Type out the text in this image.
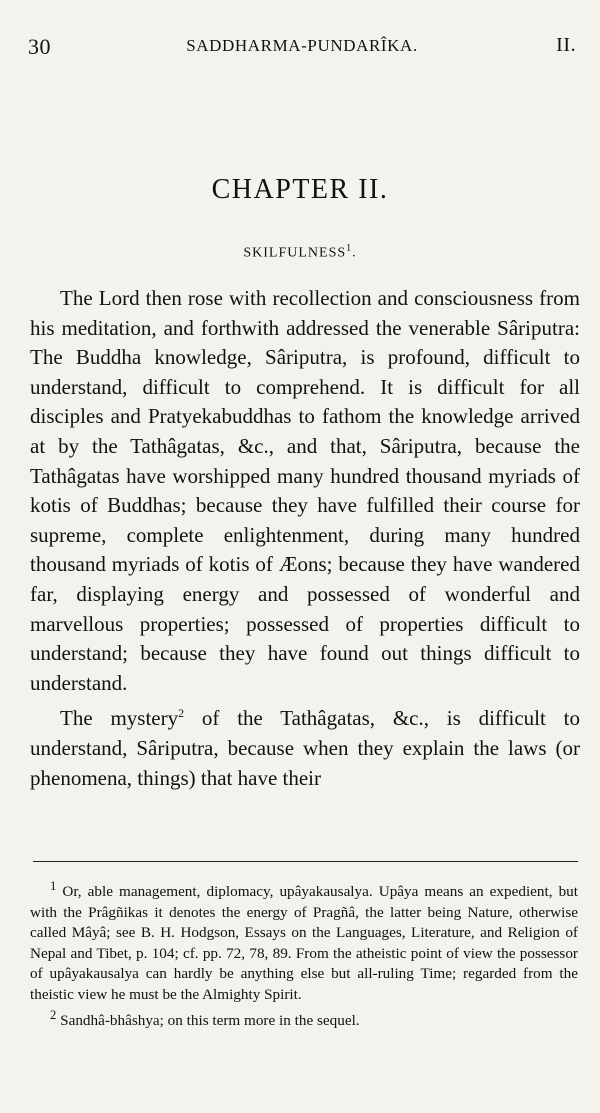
30	SADDHARMA-PUNDARÎKA.	II.
CHAPTER II.
SKILFULNESS$^1$.

The Lord then rose with recollection and consciousness from his meditation, and forthwith addressed the venerable Sâriputra: The Buddha knowledge, Sâriputra, is profound, difficult to understand, difficult to comprehend. It is difficult for all disciples and Pratyekabuddhas to fathom the knowledge arrived at by the Tathâgatas, &c., and that, Sâriputra, because the Tathâgatas have worshipped many hundred thousand myriads of kotis of Buddhas; because they have fulfilled their course for supreme, complete enlightenment, during many hundred thousand myriads of kotis of Æons; because they have wandered far, displaying energy and possessed of wonderful and marvellous properties; possessed of properties difficult to understand; because they have found out things difficult to understand.

The mystery$^2$ of the Tathâgatas, &c., is difficult to understand, Sâriputra, because when they explain the laws (or phenomena, things) that have their

$^1$ Or, able management, diplomacy, upâyakausalya. Upâya means an expedient, but with the Prâgñikas it denotes the energy of Pragñâ, the latter being Nature, otherwise called Mâyâ; see B. H. Hodgson, Essays on the Languages, Literature, and Religion of Nepal and Tibet, p. 104; cf. pp. 72, 78, 89. From the atheistic point of view the possessor of upâyakausalya can hardly be anything else but all-ruling Time; regarded from the theistic view he must be the Almighty Spirit.

$^2$ Sandhâ-bhâshya; on this term more in the sequel.
